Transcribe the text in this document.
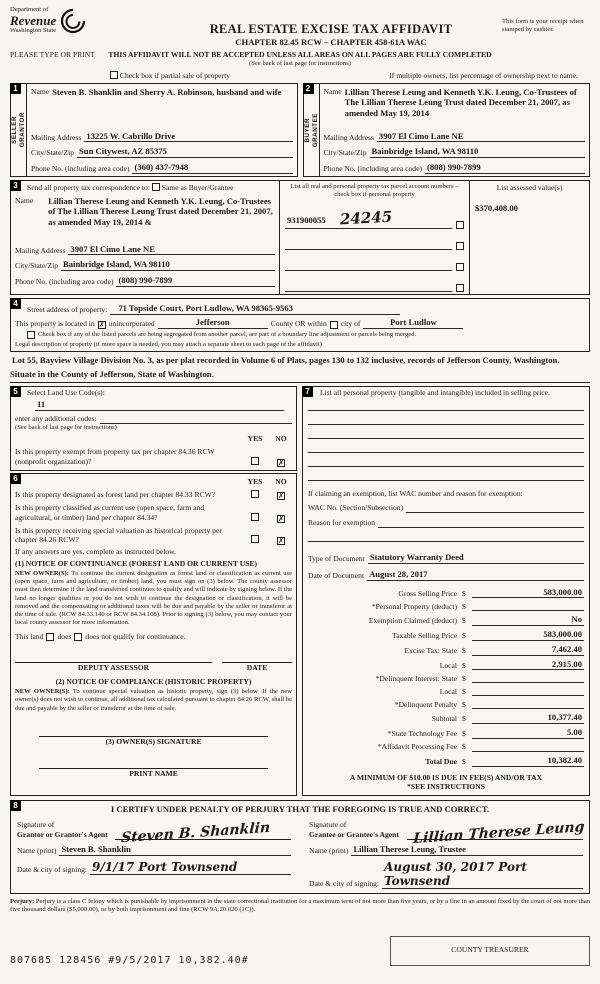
Department of
Revenue
Washington State	REAL ESTATE EXCISE TAX AFFIDAVIT
CHAPTER 82.45 RCW – CHAPTER 458-61A WAC
This form is your receipt when stamped by cashier.
PLEASE TYPE OR PRINT	THIS AFFIDAVIT WILL NOT BE ACCEPTED UNLESS ALL AREAS ON ALL PAGES ARE FULLY COMPLETED
(See back of last page for instructions)
Check box if partial sale of property	If multiple owners, list percentage of ownership next to name.
1
SELLER GRANTOR
Name Steven B. Shanklin and Sherry A. Robinson, husband and wife
Mailing Address 13225 W. Cabrillo Drive
City/State/Zip Sun Citywest, AZ 85375
Phone No. (including area code) (360) 437-7948
2
BUYER GRANTEE
Name Lillian Therese Leung and Kenneth Y.K. Leung, Co-Trustees of The Lillian Therese Leung Trust dated December 21, 2007, as amended May 19, 2014
Mailing Address 3907 El Cimo Lane NE
City/State/Zip Bainbridge Island, WA 98110
Phone No. (including area code) (808) 990-7899
3	Send all property tax correspondence to: Same as Buyer/Grantee
Name	Lillian Therese Leung and Kenneth Y.K. Leung, Co-Trustees of The Lillian Therese Leung Trust dated December 21, 2007, as amended May 19, 2014 &
Mailing Address 3907 El Cimo Lane NE
City/State/Zip Bainbridge Island, WA 98110
Phone No. (including area code) (808) 990-7899
List all real and personal property tax parcel account numbers – check box if personal property
931900055 24245
List assessed value(s)
$370,408.00
4
Street address of property:	71 Topside Court, Port Ludlow, WA 98365-9563
This property is located in ✗ unincorporated	Jefferson	County OR within city of	Port Ludlow
Check box if any of the listed parcels are being segregated from another parcel, are part of a boundary line adjustment or parcels being merged.
Legal description of property (if more space is needed, you may attach a separate sheet to each page of the affidavit)
Lot 55, Bayview Village Division No. 3, as per plat recorded in Volume 6 of Plats, pages 130 to 132 inclusive, records of Jefferson County, Washington.
Situate in the County of Jefferson, State of Washington.
5	Select Land Use Code(s):
11
enter any additional codes:
(See back of last page for instructions)
YES	NO
Is this property exempt from property tax per chapter 84.36 RCW (nonprofit organization)?	✗
6	YES	NO
Is this property designated as forest land per chapter 84.33 RCW?	✗
Is this property classified as current use (open space, farm and agricultural, or timber) land per chapter 84.34?	✗
Is this property receiving special valuation as historical property per chapter 84.26 RCW?	✗
If any answers are yes, complete as instructed below.
(1) NOTICE OF CONTINUANCE (FOREST LAND OR CURRENT USE)
NEW OWNER(S): To continue the current designation as forest land or classification as current use (open space, farm and agriculture, or timber) land, you must sign on (3) below. The county assessor must then determine if the land transferred continues to qualify and will indicate by signing below. If the land no longer qualifies or you do not wish to continue the designation or classification, it will be removed and the compensating or additional taxes will be due and payable by the seller or transferor at the time of sale. (RCW 84.33.140 or RCW 84.34.108). Prior to signing (3) below, you may contact your local county assessor for more information.
This land does does not qualify for continuance.
DEPUTY ASSESSOR	DATE
(2) NOTICE OF COMPLIANCE (HISTORIC PROPERTY)
NEW OWNER(S): To continue special valuation as historic property, sign (3) below. If the new owner(s) does not wish to continue, all additional tax calculated pursuant to chapter 84.26 RCW, shall be due and payable by the seller or transferor at the time of sale.
(3) OWNER(S) SIGNATURE
PRINT NAME
7	List all personal property (tangible and intangible) included in selling price.
If claiming an exemption, list WAC number and reason for exemption:
WAC No. (Section/Subsection)
Reason for exemption
Type of Document Statutory Warranty Deed
Date of Document August 28, 2017
Gross Selling Price $	583,000.00
*Personal Property (deduct) $
Exemption Claimed (deduct) $	No
Taxable Selling Price $	583,000.00
Excise Tax: State $	7,462.40
Local $	2,915.00
*Delinquent Interest: State $
Local $
*Delinquent Penalty $
Subtotal $	10,377.40
*State Technology Fee $	5.00
*Affidavit Processing Fee $
Total Due $	10,382.40
A MINIMUM OF $10.00 IS DUE IN FEE(S) AND/OR TAX
*SEE INSTRUCTIONS
8	I CERTIFY UNDER PENALTY OF PERJURY THAT THE FOREGOING IS TRUE AND CORRECT.
Signature of
Grantor or Grantor's Agent Steven B. Shanklin
Name (print) Steven B. Shanklin
Date & city of signing: 9/1/17 Port Townsend
Signature of
Grantee or Grantee's Agent Lillian Therese Leung
Name (print) Lillian Therese Leung, Trustee
Date & city of signing:
August 30, 2017 Port Townsend
Perjury: Perjury is a class C felony which is punishable by imprisonment in the state correctional institution for a maximum term of not more than five years, or by a fine in an amount fixed by the court of not more than five thousand dollars ($5,000.00), or by both imprisonment and fine (RCW 9A.20.020 (1C)).
807685 128456 #9/5/2017 10,382.40#
COUNTY TREASURER
